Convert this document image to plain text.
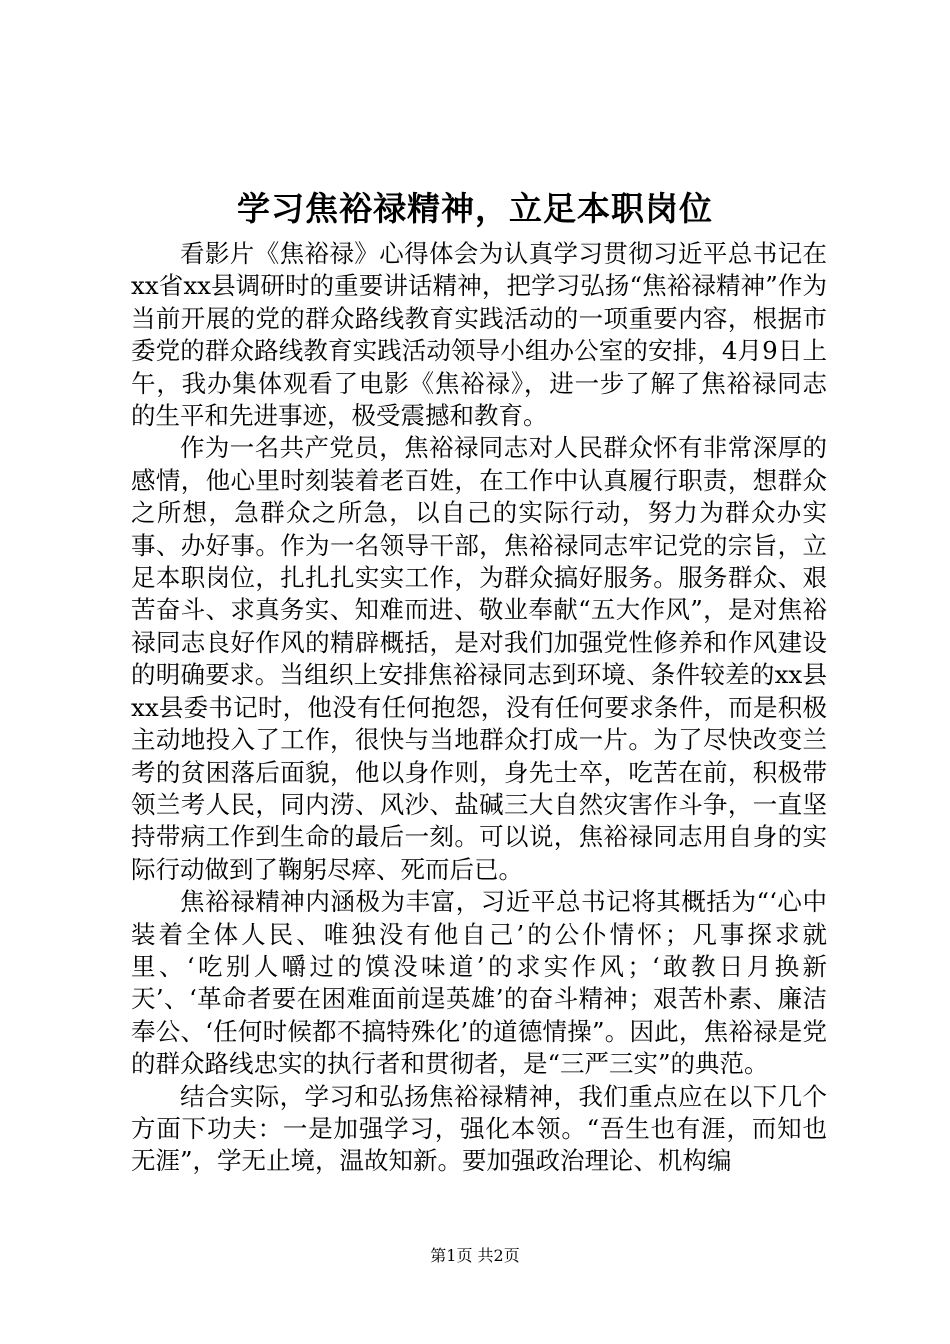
学习焦裕禄精神，立足本职岗位

看影片《焦裕禄》心得体会为认真学习贯彻习近平总书记在xx省xx县调研时的重要讲话精神，把学习弘扬“焦裕禄精神”作为当前开展的党的群众路线教育实践活动的一项重要内容，根据市委党的群众路线教育实践活动领导小组办公室的安排，4月9日上午，我办集体观看了电影《焦裕禄》，进一步了解了焦裕禄同志的生平和先进事迹，极受震撼和教育。

作为一名共产党员，焦裕禄同志对人民群众怀有非常深厚的感情，他心里时刻装着老百姓，在工作中认真履行职责，想群众之所想，急群众之所急，以自己的实际行动，努力为群众办实事、办好事。作为一名领导干部，焦裕禄同志牢记党的宗旨，立足本职岗位，扎扎扎实实工作，为群众搞好服务。服务群众、艰苦奋斗、求真务实、知难而进、敬业奉献“五大作风”，是对焦裕禄同志良好作风的精辟概括，是对我们加强党性修养和作风建设的明确要求。当组织上安排焦裕禄同志到环境、条件较差的xx县xx县委书记时，他没有任何抱怨，没有任何要求条件，而是积极主动地投入了工作，很快与当地群众打成一片。为了尽快改变兰考的贫困落后面貌，他以身作则，身先士卒，吃苦在前，积极带领兰考人民，同内涝、风沙、盐碱三大自然灾害作斗争，一直坚持带病工作到生命的最后一刻。可以说，焦裕禄同志用自身的实际行动做到了鞠躬尽瘁、死而后已。

焦裕禄精神内涵极为丰富，习近平总书记将其概括为“‘心中装着全体人民、唯独没有他自己’的公仆情怀；凡事探求就里、‘吃别人嚼过的馍没味道’的求实作风；‘敢教日月换新天’、‘革命者要在困难面前逞英雄’的奋斗精神；艰苦朴素、廉洁奉公、‘任何时候都不搞特殊化’的道德情操”。因此，焦裕禄是党的群众路线忠实的执行者和贯彻者，是“三严三实”的典范。

结合实际，学习和弘扬焦裕禄精神，我们重点应在以下几个方面下功夫：一是加强学习，强化本领。“吾生也有涯，而知也无涯”，学无止境，温故知新。要加强政治理论、机构编

第1页 共2页
